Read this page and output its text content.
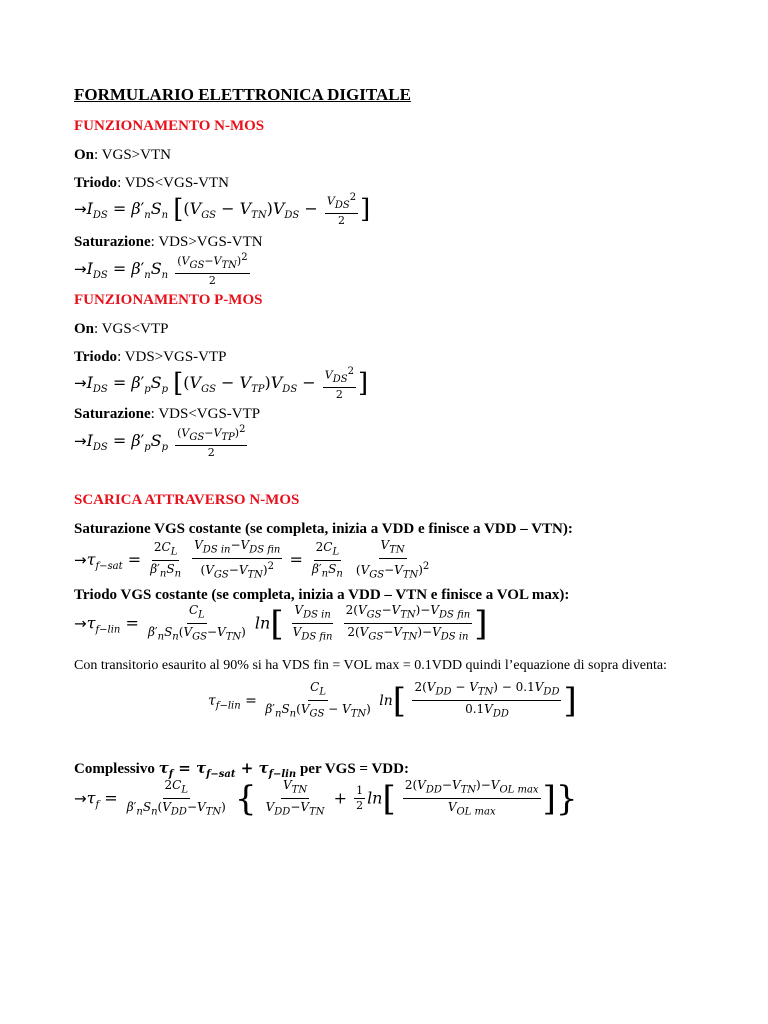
FORMULARIO ELETTRONICA DIGITALE
FUNZIONAMENTO N-MOS
On: VGS>VTN
Triodo: VDS<VGS-VTN
$\to I_{DS} = \beta'_nS_n$ [$(V_{GS} - V_{TN})V_{DS} - \frac{V_{DS}^2}{2}$ ]
Saturazione: VDS>VGS-VTN
$\to I_{DS} = \beta'_nS_n \frac{(V_{GS}-V_{TN})^2}{2}$
FUNZIONAMENTO P-MOS
On: VGS<VTP
Triodo: VDS>VGS-VTP
$\to I_{DS} = \beta'_pS_p$ [$(V_{GS} - V_{TP})V_{DS} - \frac{V_{DS}^2}{2}$ ]
Saturazione: VDS<VGS-VTP
$\to I_{DS} = \beta'_pS_p \frac{(V_{GS}-V_{TP})^2}{2}$
SCARICA ATTRAVERSO N-MOS
Saturazione VGS costante (se completa, inizia a VDD e finisce a VDD – VTN):
$\to\tau_{f-sat} = \frac{2C_L}{\beta'_nS_n}$
$\frac{V_{DS in}-V_{DS fin}}{(V_{GS}-V_{TN})^2} = \frac{2C_L}{\beta'_nS_n}$
$\frac{V_{TN}}{(V_{GS}-V_{TN})^2}$
Triodo VGS costante (se completa, inizia a VDD – VTN e finisce a VOL max):
$\to\tau_{f-lin} = \frac{C_L}{\beta'_nS_n(V_{GS}-V_{TN})} \ln[ \frac{V_{DS in}}{V_{DS fin}}$
$\frac{2(V_{GS}-V_{TN})-V_{DS fin}}{2(V_{GS}-V_{TN})-V_{DS in}}$ ]
Con transitorio esaurito al 90% si ha VDS fin = VOL max = 0.1VDD quindi l’equazione di sopra diventa:
$\tau_{f-lin} = \frac{C_L}{\beta'_nS_n(V_{GS} - V_{TN})} \ln[ \frac{2(V_{DD} - V_{TN}) - 0.1V_{DD}}{0.1V_{DD}}$ ]
Complessivo $\tau_f = \tau_{f-sat} + \tau_{f-lin}$ per VGS = VDD:
$\to\tau_f = \frac{2C_L}{\beta'_nS_n(V_{DD}-V_{TN})}$ { $\frac{V_{TN}}{V_{DD}-V_{TN}} + \frac{1}{2} \ln[ \frac{2(V_{DD}-V_{TN})-V_{OL max}}{V_{OL max}}$ ]}
